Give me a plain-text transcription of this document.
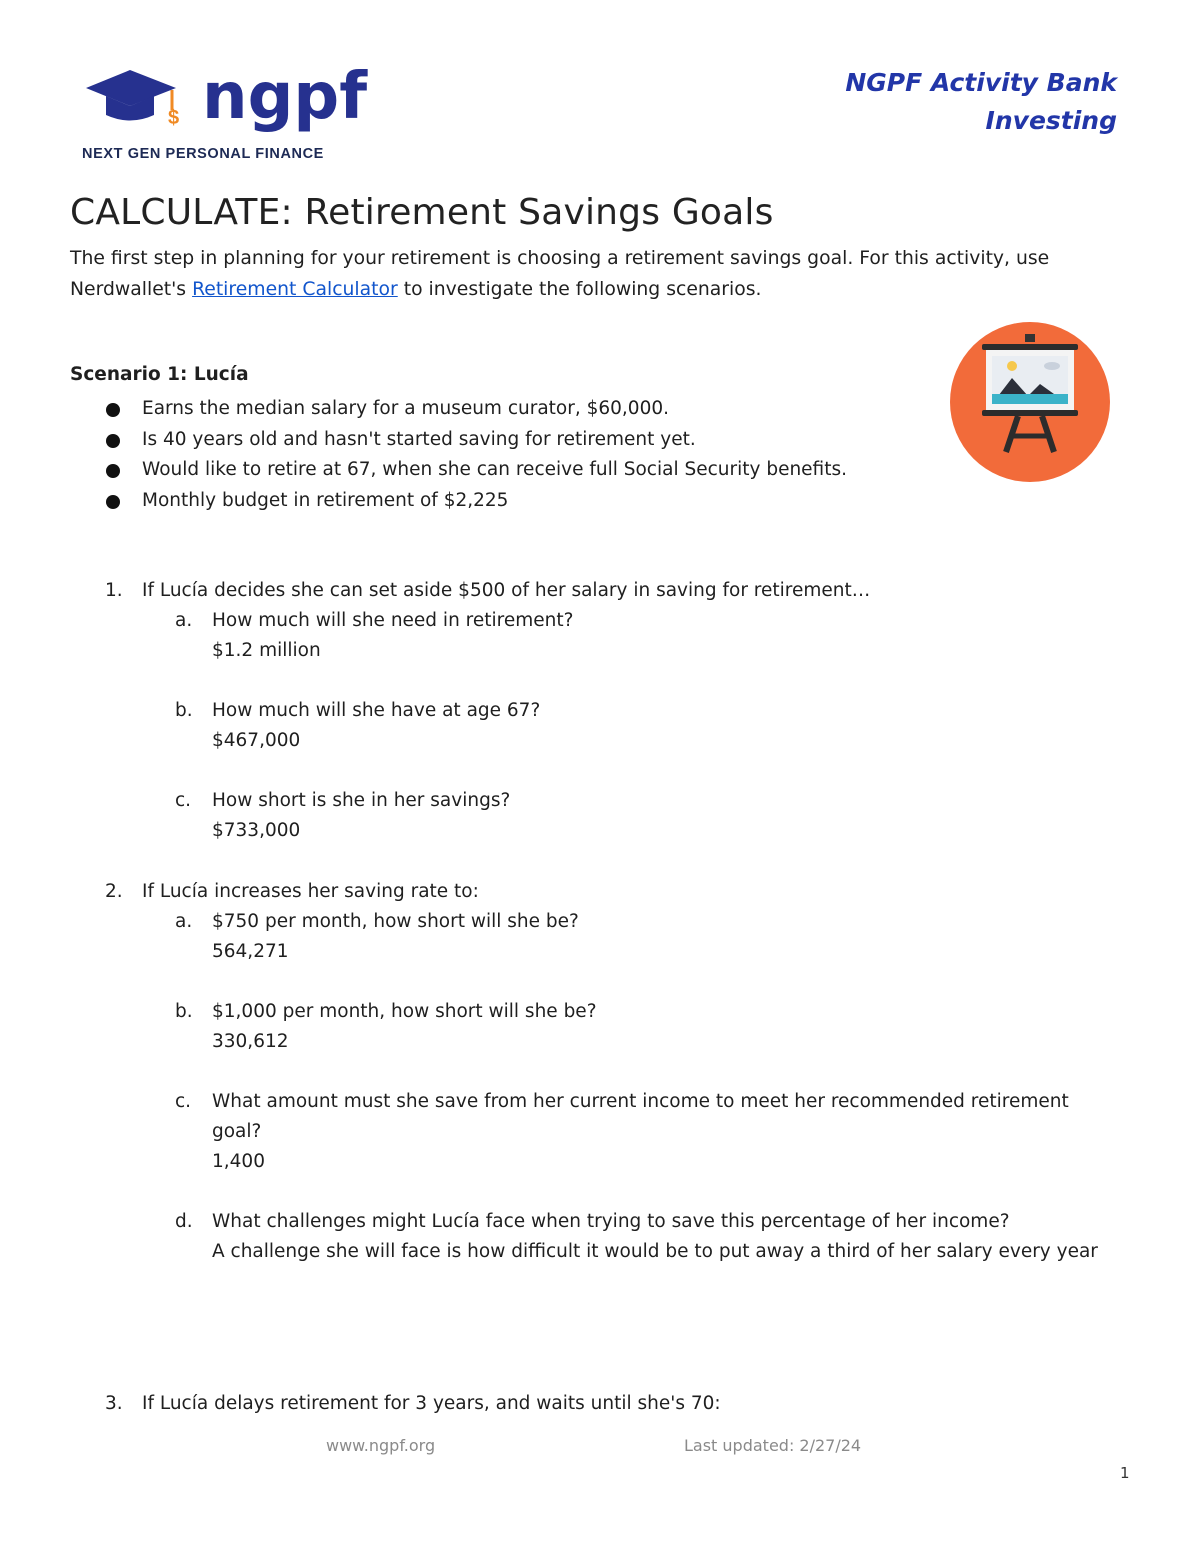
$ ngpf
NEXT GEN PERSONAL FINANCE
NGPF Activity Bank
Investing
CALCULATE: Retirement Savings Goals
The first step in planning for your retirement is choosing a retirement savings goal. For this activity, use Nerdwallet's Retirement Calculator to investigate the following scenarios.
Scenario 1: Lucía
Earns the median salary for a museum curator, $60,000.
Is 40 years old and hasn't started saving for retirement yet.
Would like to retire at 67, when she can receive full Social Security benefits.
Monthly budget in retirement of $2,225
1. If Lucía decides she can set aside $500 of her salary in saving for retirement…
a. How much will she need in retirement?
$1.2 million
b. How much will she have at age 67?
$467,000
c. How short is she in her savings?
$733,000
2. If Lucía increases her saving rate to:
a. $750 per month, how short will she be?
564,271
b. $1,000 per month, how short will she be?
330,612
c. What amount must she save from her current income to meet her recommended retirement goal?
1,400
d. What challenges might Lucía face when trying to save this percentage of her income?
A challenge she will face is how difficult it would be to put away a third of her salary every year
3. If Lucía delays retirement for 3 years, and waits until she's 70:
www.ngpf.org	Last updated: 2/27/24
1
